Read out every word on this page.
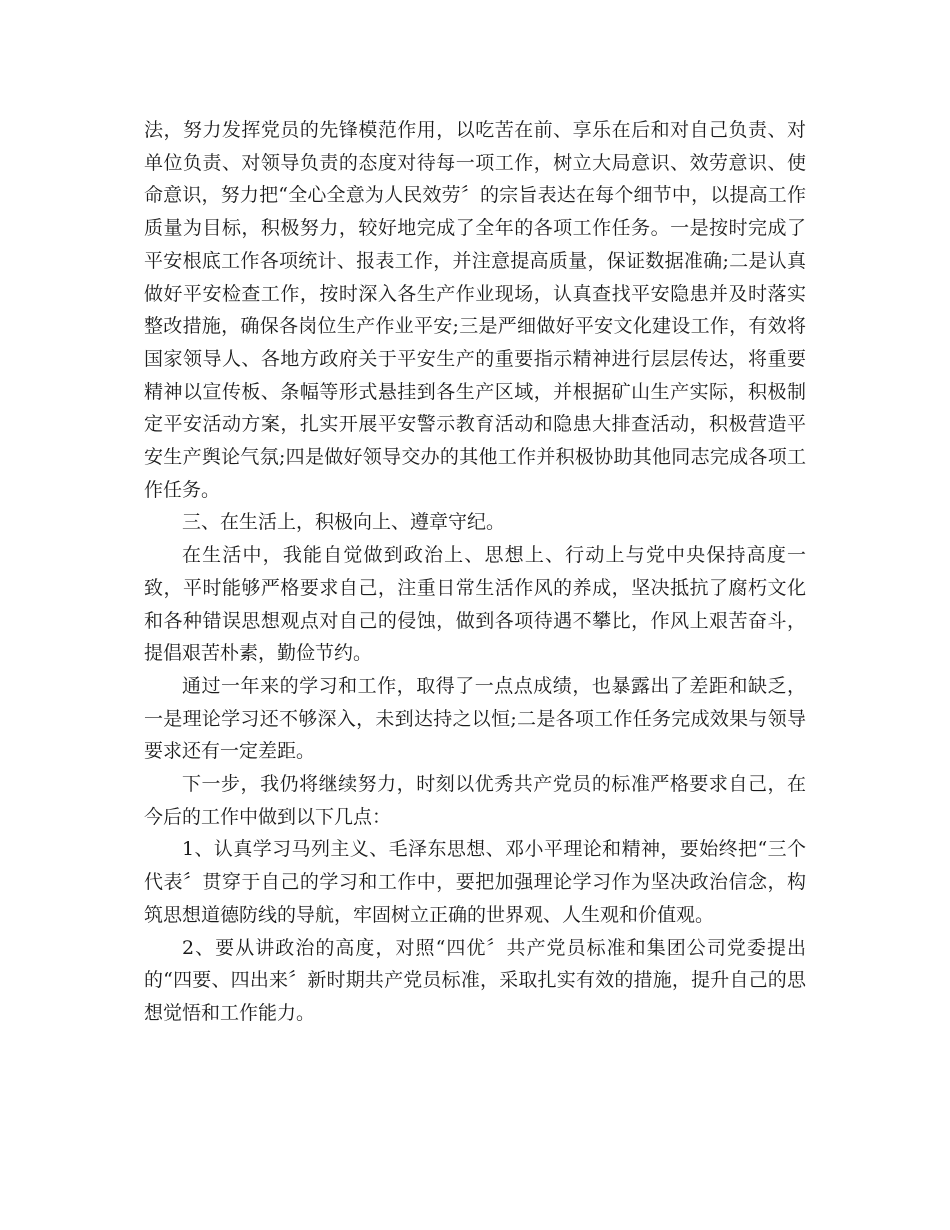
法，努力发挥党员的先锋模范作用，以吃苦在前、享乐在后和对自己负责、对单位负责、对领导负责的态度对待每一项工作，树立大局意识、效劳意识、使命意识，努力把“全心全意为人民效劳〞的宗旨表达在每个细节中，以提高工作质量为目标，积极努力，较好地完成了全年的各项工作任务。一是按时完成了平安根底工作各项统计、报表工作，并注意提高质量，保证数据准确;二是认真做好平安检查工作，按时深入各生产作业现场，认真查找平安隐患并及时落实整改措施，确保各岗位生产作业平安;三是严细做好平安文化建设工作，有效将国家领导人、各地方政府关于平安生产的重要指示精神进行层层传达，将重要精神以宣传板、条幅等形式悬挂到各生产区域，并根据矿山生产实际，积极制定平安活动方案，扎实开展平安警示教育活动和隐患大排查活动，积极营造平安生产舆论气氛;四是做好领导交办的其他工作并积极协助其他同志完成各项工作任务。

三、在生活上，积极向上、遵章守纪。

在生活中，我能自觉做到政治上、思想上、行动上与党中央保持高度一致，平时能够严格要求自己，注重日常生活作风的养成，坚决抵抗了腐朽文化和各种错误思想观点对自己的侵蚀，做到各项待遇不攀比，作风上艰苦奋斗，提倡艰苦朴素，勤俭节约。

通过一年来的学习和工作，取得了一点点成绩，也暴露出了差距和缺乏，一是理论学习还不够深入，未到达持之以恒;二是各项工作任务完成效果与领导要求还有一定差距。

下一步，我仍将继续努力，时刻以优秀共产党员的标准严格要求自己，在今后的工作中做到以下几点：

1、认真学习马列主义、毛泽东思想、邓小平理论和精神，要始终把“三个代表〞贯穿于自己的学习和工作中，要把加强理论学习作为坚决政治信念，构筑思想道德防线的导航，牢固树立正确的世界观、人生观和价值观。

2、要从讲政治的高度，对照“四优〞共产党员标准和集团公司党委提出的“四要、四出来〞新时期共产党员标准，采取扎实有效的措施，提升自己的思想觉悟和工作能力。
